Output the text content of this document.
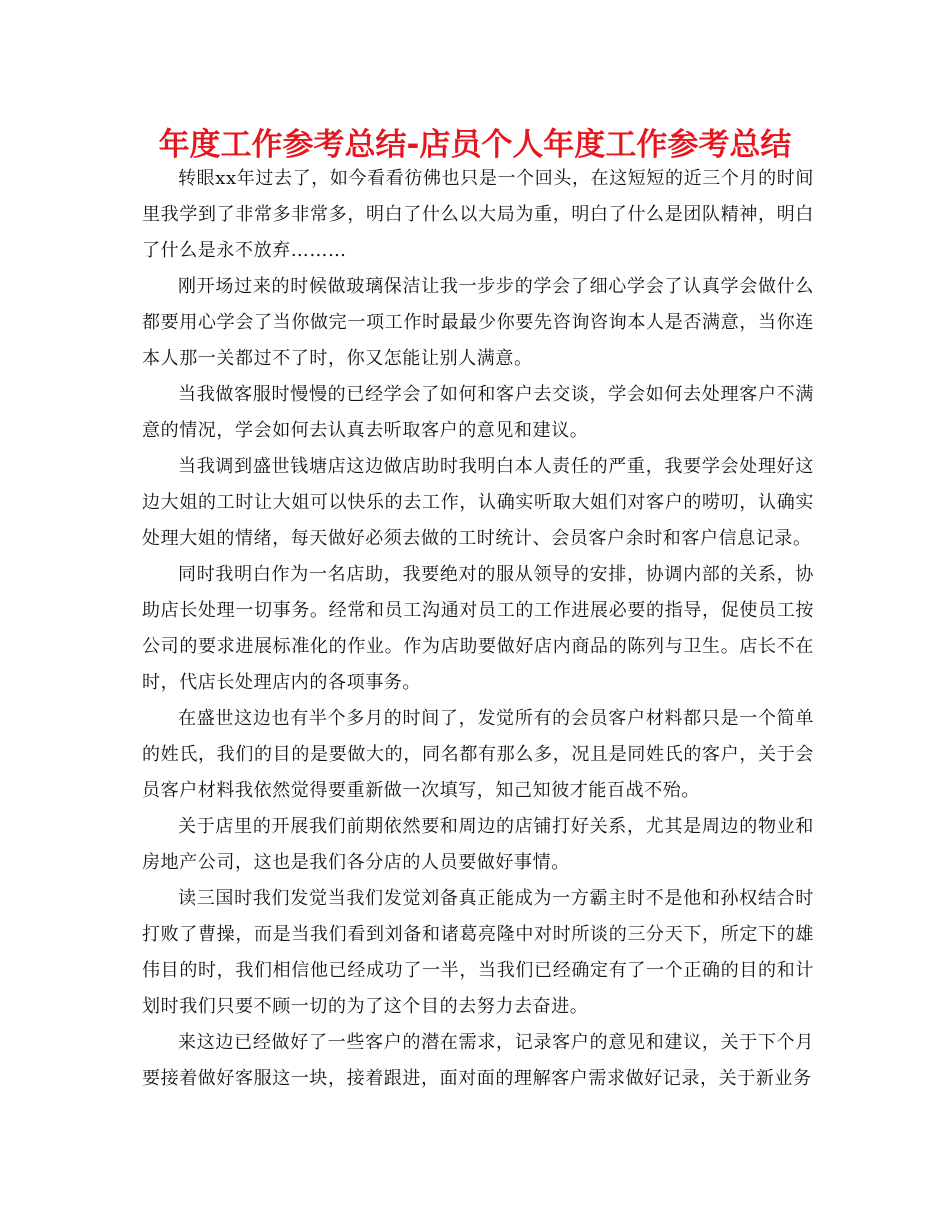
年度工作参考总结-店员个人年度工作参考总结

转眼xx年过去了，如今看看彷佛也只是一个回头，在这短短的近三个月的时间里我学到了非常多非常多，明白了什么以大局为重，明白了什么是团队精神，明白了什么是永不放弃………

刚开场过来的时候做玻璃保洁让我一步步的学会了细心学会了认真学会做什么都要用心学会了当你做完一项工作时最最少你要先咨询咨询本人是否满意，当你连本人那一关都过不了时，你又怎能让别人满意。

当我做客服时慢慢的已经学会了如何和客户去交谈，学会如何去处理客户不满意的情况，学会如何去认真去听取客户的意见和建议。

当我调到盛世钱塘店这边做店助时我明白本人责任的严重，我要学会处理好这边大姐的工时让大姐可以快乐的去工作，认确实听取大姐们对客户的唠叨，认确实处理大姐的情绪，每天做好必须去做的工时统计、会员客户余时和客户信息记录。

同时我明白作为一名店助，我要绝对的服从领导的安排，协调内部的关系，协助店长处理一切事务。经常和员工沟通对员工的工作进展必要的指导，促使员工按公司的要求进展标准化的作业。作为店助要做好店内商品的陈列与卫生。店长不在时，代店长处理店内的各项事务。

在盛世这边也有半个多月的时间了，发觉所有的会员客户材料都只是一个简单的姓氏，我们的目的是要做大的，同名都有那么多，况且是同姓氏的客户，关于会员客户材料我依然觉得要重新做一次填写，知己知彼才能百战不殆。

关于店里的开展我们前期依然要和周边的店铺打好关系，尤其是周边的物业和房地产公司，这也是我们各分店的人员要做好事情。

读三国时我们发觉当我们发觉刘备真正能成为一方霸主时不是他和孙权结合时打败了曹操，而是当我们看到刘备和诸葛亮隆中对时所谈的三分天下，所定下的雄伟目的时，我们相信他已经成功了一半，当我们已经确定有了一个正确的目的和计划时我们只要不顾一切的为了这个目的去努力去奋进。

来这边已经做好了一些客户的潜在需求，记录客户的意见和建议，关于下个月要接着做好客服这一块，接着跟进，面对面的理解客户需求做好记录，关于新业务
